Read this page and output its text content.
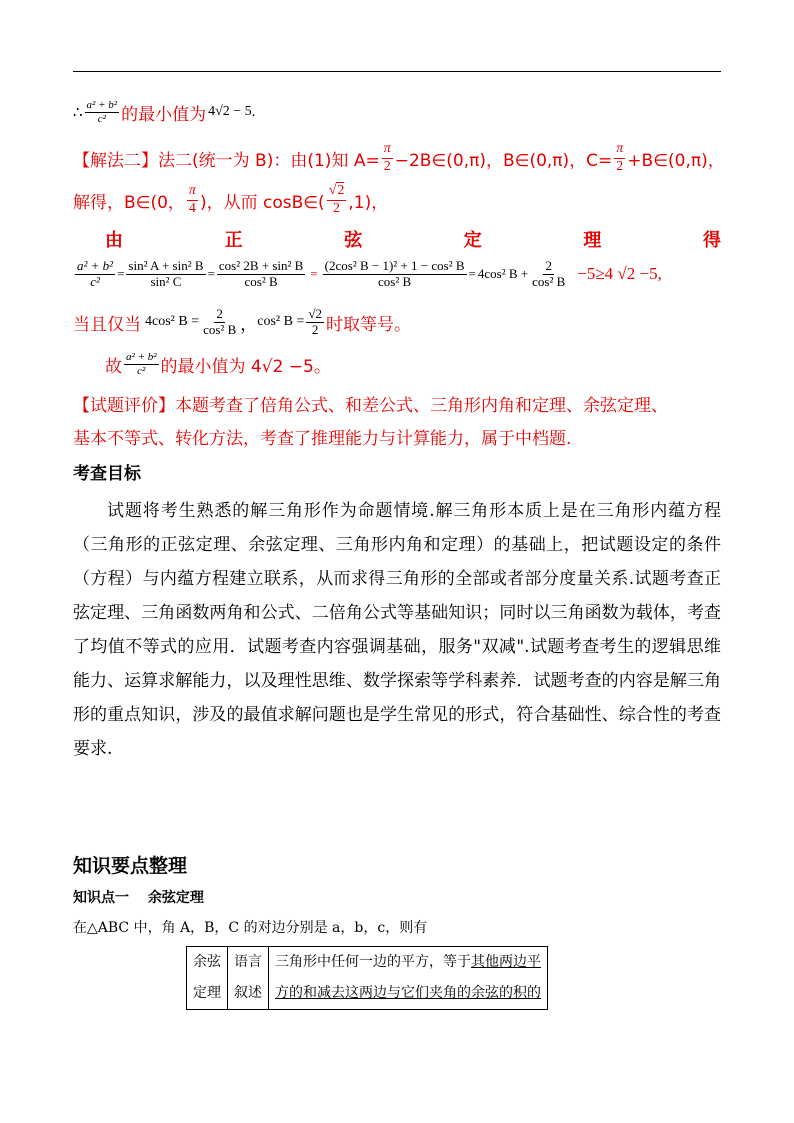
∴ $\frac{\text{a² + b²}}{\text{c²}}$ 的最小值为 4√2 − 5 .
【解法二】 法二(统一为 B)：由(1)知 $A= \frac{\pi}{2}$ −2B∈(0,π)，B∈(0,π)，$C= \frac{\pi}{2}$ +B∈(0,π)，
解得，B∈(0， $\frac{\pi}{4}$ )，从而 cosB∈( $\frac{√2}{2} ,1$)，
由	正	弦	定	理	得
$\frac{\text{a² + b²}}{\text{c²}} = \frac{\text{sin² A + sin² B}}{\text{sin² C}} = \frac{\text{cos² 2B + sin² B}}{\text{cos² B}} = \frac{\text{(2cos² B − 1)² + 1 − cos² B}}{\text{cos² B}} = 4\cos^2$ $B + \frac{2}{\text{cos² B}} -5\ge 4$ √2 −5,
当且仅当 4cos² $B = \frac{2}{\text{cos² B}}$ ， cos² $B = \frac{√2}{2}$ 时取等号。
故 $\frac{\text{a² + b²}}{\text{c²}}$ 的最小值为 4√2 −5。
【试题评价】本题考查了倍角公式、和差公式、三角形内角和定理、余弦定理、
基本不等式、转化方法，考查了推理能力与计算能力，属于中档题.
考查目标
试题将考生熟悉的解三角形作为命题情境.解三角形本质上是在三角形内蕴方程（三角形的正弦定理、余弦定理、三角形内角和定理）的基础上，把试题设定的条件（方程）与内蕴方程建立联系，从而求得三角形的全部或者部分度量关系.试题考查正弦定理、三角函数两角和公式、二倍角公式等基础知识；同时以三角函数为载体，考查了均值不等式的应用．试题考查内容强调基础，服务"双减".试题考查考生的逻辑思维能力、运算求解能力，以及理性思维、数学探索等学科素养．试题考查的内容是解三角形的重点知识，涉及的最值求解问题也是学生常见的形式，符合基础性、综合性的考查要求.
知识要点整理
知识点一　 余弦定理
在△ABC 中，角 A，B，C 的对边分别是 a，b，c，则有
余弦
定理

语言
叙述

三角形中任何一边的平方，等于其他两边平
方的和减去这两边与它们夹角的余弦的积的
